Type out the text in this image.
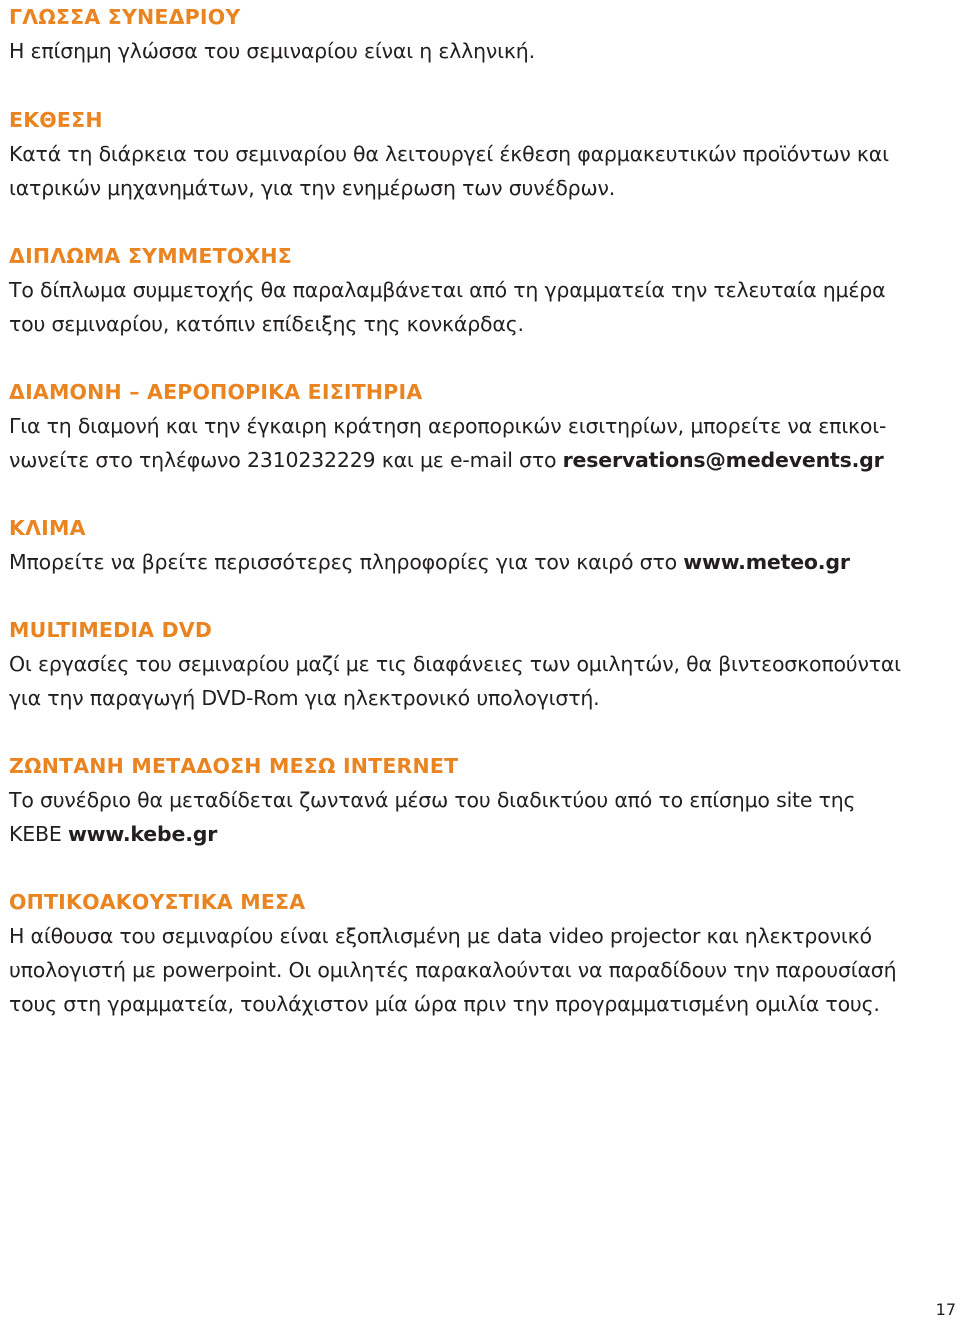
ΓΛΩΣΣΑ ΣΥΝΕΔΡΙΟΥ
Η επίσημη γλώσσα του σεμιναρίου είναι η ελληνική.
ΕΚΘΕΣΗ
Κατά τη διάρκεια του σεμιναρίου θα λειτουργεί έκθεση φαρμακευτικών προϊόντων και
ιατρικών μηχανημάτων, για την ενημέρωση των συνέδρων.
ΔΙΠΛΩΜΑ ΣΥΜΜΕΤΟΧΗΣ
Το δίπλωμα συμμετοχής θα παραλαμβάνεται από τη γραμματεία την τελευταία ημέρα
του σεμιναρίου, κατόπιν επίδειξης της κονκάρδας.
ΔΙΑΜΟΝΗ – ΑΕΡΟΠΟΡΙΚΑ ΕΙΣΙΤΗΡΙΑ
Για τη διαμονή και την έγκαιρη κράτηση αεροπορικών εισιτηρίων, μπορείτε να επικοι-
νωνείτε στο τηλέφωνο 2310232229 και με e-mail στο reservations@medevents.gr
ΚΛΙΜΑ
Μπορείτε να βρείτε περισσότερες πληροφορίες για τον καιρό στο www.meteo.gr
MULTIMEDIA DVD
Οι εργασίες του σεμιναρίου μαζί με τις διαφάνειες των ομιλητών, θα βιντεοσκοπούνται
για την παραγωγή DVD-Rom για ηλεκτρονικό υπολογιστή.
ΖΩΝΤΑΝΗ ΜΕΤΑΔΟΣΗ ΜΕΣΩ INTERNET
Το συνέδριο θα μεταδίδεται ζωντανά μέσω του διαδικτύου από το επίσημο site της
ΚΕΒΕ www.kebe.gr
ΟΠΤΙΚΟΑΚΟΥΣΤΙΚΑ ΜΕΣΑ
Η αίθουσα του σεμιναρίου είναι εξοπλισμένη με data video projector και ηλεκτρονικό
υπολογιστή με powerpoint. Οι ομιλητές παρακαλούνται να παραδίδουν την παρουσίασή
τους στη γραμματεία, τουλάχιστον μία ώρα πριν την προγραμματισμένη ομιλία τους.
17
